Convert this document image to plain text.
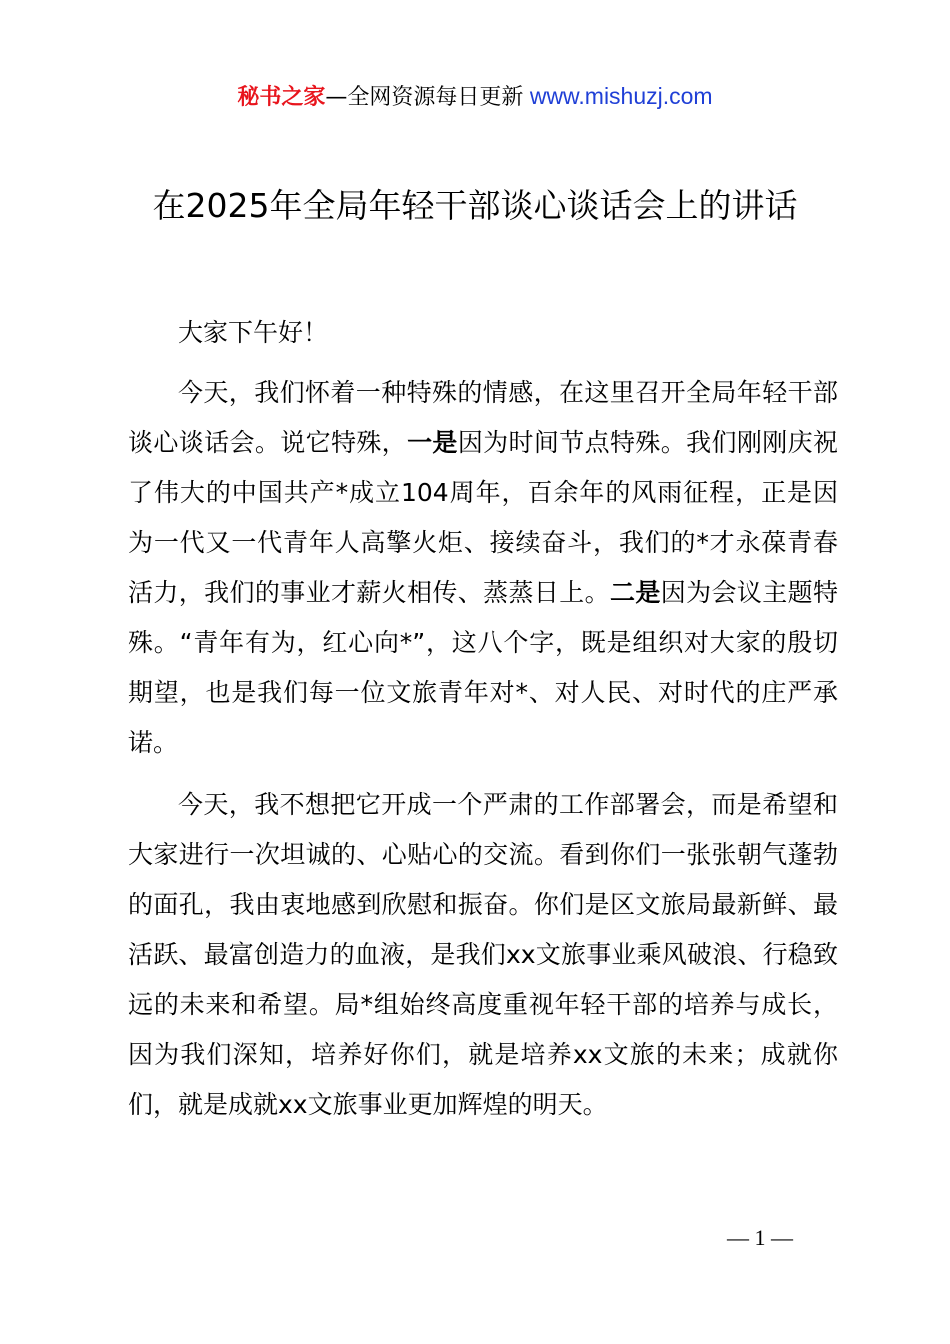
秘书之家—全网资源每日更新 www.mishuzj.com
在2025年全局年轻干部谈心谈话会上的讲话

大家下午好！

今天，我们怀着一种特殊的情感，在这里召开全局年轻干部谈心谈话会。说它特殊，一是因为时间节点特殊。我们刚刚庆祝了伟大的中国共产*成立104周年，百余年的风雨征程，正是因为一代又一代青年人高擎火炬、接续奋斗，我们的*才永葆青春活力，我们的事业才薪火相传、蒸蒸日上。二是因为会议主题特殊。“青年有为，红心向*”，这八个字，既是组织对大家的殷切期望，也是我们每一位文旅青年对*、对人民、对时代的庄严承诺。

今天，我不想把它开成一个严肃的工作部署会，而是希望和大家进行一次坦诚的、心贴心的交流。看到你们一张张朝气蓬勃的面孔，我由衷地感到欣慰和振奋。你们是区文旅局最新鲜、最活跃、最富创造力的血液，是我们xx文旅事业乘风破浪、行稳致远的未来和希望。局*组始终高度重视年轻干部的培养与成长，因为我们深知，培养好你们，就是培养xx文旅的未来；成就你们，就是成就xx文旅事业更加辉煌的明天。

— 1 —
